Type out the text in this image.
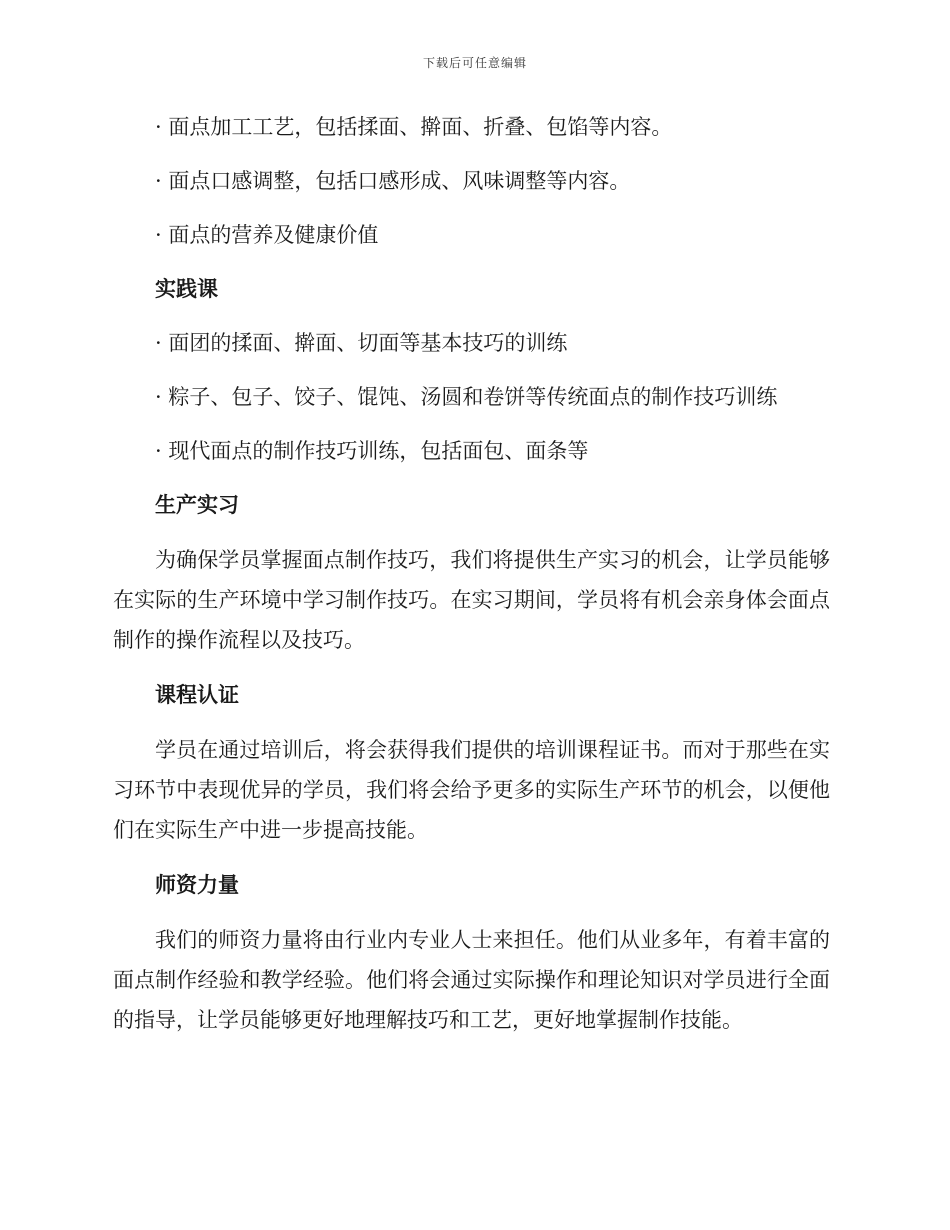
下载后可任意编辑

· 面点加工工艺，包括揉面、擀面、折叠、包馅等内容。

· 面点口感调整，包括口感形成、风味调整等内容。

· 面点的营养及健康价值

实践课

· 面团的揉面、擀面、切面等基本技巧的训练

· 粽子、包子、饺子、馄饨、汤圆和卷饼等传统面点的制作技巧训练

· 现代面点的制作技巧训练，包括面包、面条等

生产实习

为确保学员掌握面点制作技巧，我们将提供生产实习的机会，让学员能够在实际的生产环境中学习制作技巧。在实习期间，学员将有机会亲身体会面点制作的操作流程以及技巧。

课程认证

学员在通过培训后，将会获得我们提供的培训课程证书。而对于那些在实习环节中表现优异的学员，我们将会给予更多的实际生产环节的机会，以便他们在实际生产中进一步提高技能。

师资力量

我们的师资力量将由行业内专业人士来担任。他们从业多年，有着丰富的面点制作经验和教学经验。他们将会通过实际操作和理论知识对学员进行全面的指导，让学员能够更好地理解技巧和工艺，更好地掌握制作技能。
